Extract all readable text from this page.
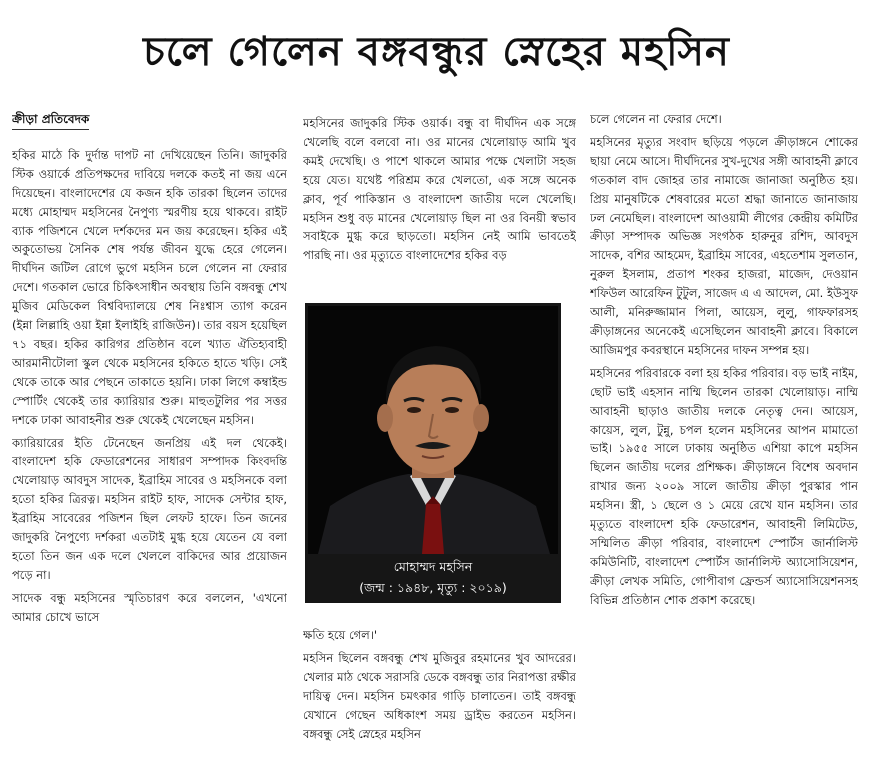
চলে গেলেন বঙ্গবন্ধুর স্নেহের মহসিন
ক্রীড়া প্রতিবেদক

হকির মাঠে কি দুর্দান্ত দাপট না দেখিয়েছেন তিনি। জাদুকরি স্টিক ওয়ার্কে প্রতিপক্ষদের দাবিয়ে দলকে কতই না জয় এনে দিয়েছেন। বাংলাদেশের যে কজন হকি তারকা ছিলেন তাদের মধ্যে মোহাম্মদ মহসিনের নৈপুণ্য স্মরণীয় হয়ে থাকবে। রাইট ব্যাক পজিশনে খেলে দর্শকদের মন জয় করেছেন। হকির এই অকুতোভয় সৈনিক শেষ পর্যন্ত জীবন যুদ্ধে হেরে গেলেন। দীর্ঘদিন জটিল রোগে ভুগে মহসিন চলে গেলেন না ফেরার দেশে। গতকাল ভোরে চিকিৎসাধীন অবস্থায় তিনি বঙ্গবন্ধু শেখ মুজিব মেডিকেল বিশ্ববিদ্যালয়ে শেষ নিঃশ্বাস ত্যাগ করেন (ইন্না লিল্লাহি ওয়া ইন্না ইলাইহি রাজিউন)। তার বয়স হয়েছিল ৭১ বছর। হকির কারিগর প্রতিষ্ঠান বলে খ্যাত ঐতিহ্যবাহী আরমানীটোলা স্কুল থেকে মহসিনের হকিতে হাতে খড়ি। সেই থেকে তাকে আর পেছনে তাকাতে হয়নি। ঢাকা লিগে কম্বাইন্ড স্পোর্টিং থেকেই তার ক্যারিয়ার শুরু। মাহুতটুলির পর সত্তর দশকে ঢাকা আবাহনীর শুরু থেকেই খেলেছেন মহসিন।

ক্যারিয়ারের ইতি টেনেছেন জনপ্রিয় এই দল থেকেই। বাংলাদেশ হকি ফেডারেশনের সাধারণ সম্পাদক কিংবদন্তি খেলোয়াড় আবদুস সাদেক, ইব্রাহিম সাবের ও মহসিনকে বলা হতো হকির ত্রিরত্ন। মহসিন রাইট হাফ, সাদেক সেন্টার হাফ, ইব্রাহিম সাবেরের পজিশন ছিল লেফট হাফে। তিন জনের জাদুকরি নৈপুণ্যে দর্শকরা এতটাই মুগ্ধ হয়ে যেতেন যে বলা হতো তিন জন এক দলে খেললে বাকিদের আর প্রয়োজন পড়ে না।

সাদেক বন্ধু মহসিনের স্মৃতিচারণ করে বললেন, 'এখনো আমার চোখে ভাসে

মহসিনের জাদুকরি স্টিক ওয়ার্ক। বন্ধু বা দীর্ঘদিন এক সঙ্গে খেলেছি বলে বলবো না। ওর মানের খেলোয়াড় আমি খুব কমই দেখেছি। ও পাশে থাকলে আমার পক্ষে খেলাটা সহজ হয়ে যেত। যথেষ্ট পরিশ্রম করে খেলতো, এক সঙ্গে অনেক ক্লাব, পূর্ব পাকিস্তান ও বাংলাদেশ জাতীয় দলে খেলেছি। মহসিন শুধু বড় মানের খেলোয়াড় ছিল না ওর বিনয়ী স্বভাব সবাইকে মুগ্ধ করে ছাড়তো। মহসিন নেই আমি ভাবতেই পারছি না। ওর মৃত্যুতে বাংলাদেশের হকির বড়

মোহাম্মদ মহসিন
(জন্ম : ১৯৪৮, মৃত্যু : ২০১৯)

ক্ষতি হয়ে গেল।'

মহসিন ছিলেন বঙ্গবন্ধু শেখ মুজিবুর রহমানের খুব আদরের। খেলার মাঠ থেকে সরাসরি ডেকে বঙ্গবন্ধু তার নিরাপত্তা রক্ষীর দায়িত্ব দেন। মহসিন চমৎকার গাড়ি চালাতেন। তাই বঙ্গবন্ধু যেখানে গেছেন অধিকাংশ সময় ড্রাইভ করতেন মহসিন। বঙ্গবন্ধু সেই স্নেহের মহসিন

চলে গেলেন না ফেরার দেশে।

মহসিনের মৃত্যুর সংবাদ ছড়িয়ে পড়লে ক্রীড়াঙ্গনে শোকের ছায়া নেমে আসে। দীর্ঘদিনের সুখ-দুখের সঙ্গী আবাহনী ক্লাবে গতকাল বাদ জোহর তার নামাজে জানাজা অনুষ্ঠিত হয়। প্রিয় মানুষটিকে শেষবারের মতো শ্রদ্ধা জানাতে জানাজায় ঢল নেমেছিল। বাংলাদেশ আওয়ামী লীগের কেন্দ্রীয় কমিটির ক্রীড়া সম্পাদক অভিজ্ঞ সংগঠক হারুনুর রশিদ, আবদুস সাদেক, বশির আহমেদ, ইব্রাহিম সাবের, এহতেশাম সুলতান, নুরুল ইসলাম, প্রতাপ শংকর হাজরা, মাজেদ, দেওয়ান শফিউল আরেফিন টুটুল, সাজেদ এ এ আদেল, মো. ইউসুফ আলী, মনিরুজ্জামান পিলা, আয়েস, লুলু, গাফফারসহ ক্রীড়াঙ্গনের অনেকেই এসেছিলেন আবাহনী ক্লাবে। বিকালে আজিমপুর কবরস্থানে মহসিনের দাফন সম্পন্ন হয়।

মহসিনের পরিবারকে বলা হয় হকির পরিবার। বড় ভাই নাইম, ছোট ভাই এহসান নাম্মি ছিলেন তারকা খেলোয়াড়। নাম্মি আবাহনী ছাড়াও জাতীয় দলকে নেতৃত্ব দেন। আয়েস, কায়েস, লুল, টুন্নু, চপল হলেন মহসিনের আপন মামাতো ভাই। ১৯৫৫ সালে ঢাকায় অনুষ্ঠিত এশিয়া কাপে মহসিন ছিলেন জাতীয় দলের প্রশিক্ষক। ক্রীড়াঙ্গনে বিশেষ অবদান রাখার জন্য ২০০৯ সালে জাতীয় ক্রীড়া পুরস্কার পান মহসিন। স্ত্রী, ১ ছেলে ও ১ মেয়ে রেখে যান মহসিন। তার মৃত্যুতে বাংলাদেশ হকি ফেডারেশন, আবাহনী লিমিটেড, সম্মিলিত ক্রীড়া পরিবার, বাংলাদেশ স্পোর্টস জার্নালিস্ট কমিউনিটি, বাংলাদেশ স্পোর্টস জার্নালিস্ট অ্যাসোসিয়েশন, ক্রীড়া লেখক সমিতি, গোপীবাগ ফ্রেন্ডর্স অ্যাসোসিয়েশনসহ বিভিন্ন প্রতিষ্ঠান শোক প্রকাশ করেছে।
